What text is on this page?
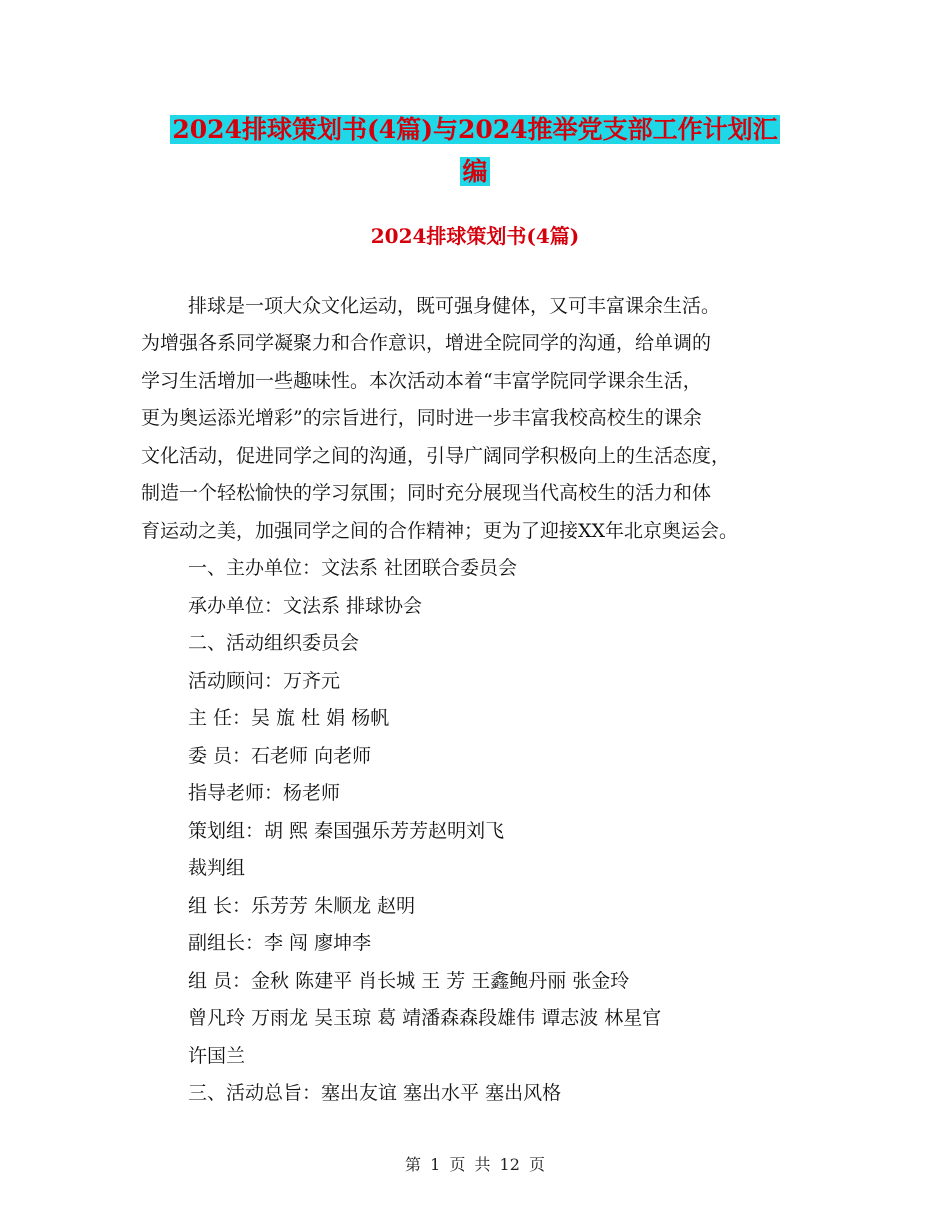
2024排球策划书(4篇)与2024推举党支部工作计划汇
编
2024排球策划书(4篇)

排球是一项大众文化运动，既可强身健体，又可丰富课余生活。

为增强各系同学凝聚力和合作意识，增进全院同学的沟通，给单调的

学习生活增加一些趣味性。本次活动本着“丰富学院同学课余生活，

更为奥运添光增彩”的宗旨进行，同时进一步丰富我校高校生的课余

文化活动，促进同学之间的沟通，引导广阔同学积极向上的生活态度，

制造一个轻松愉快的学习氛围；同时充分展现当代高校生的活力和体

育运动之美，加强同学之间的合作精神；更为了迎接XX年北京奥运会。

一、主办单位：文法系 社团联合委员会

承办单位：文法系 排球协会

二、活动组织委员会

活动顾问：万齐元

主 任：吴 旊 杜 娟 杨帆

委 员：石老师 向老师

指导老师：杨老师

策划组：胡 熙 秦国强乐芳芳赵明刘飞

裁判组

组 长：乐芳芳 朱顺龙 赵明

副组长：李 闯 廖坤李

组 员：金秋 陈建平 肖长城 王 芳 王鑫鲍丹丽 张金玲

曾凡玲 万雨龙 吴玉琼 葛 靖潘森森段雄伟 谭志波 林星官

许国兰

三、活动总旨：塞出友谊 塞出水平 塞出风格

第 1 页 共 12 页
